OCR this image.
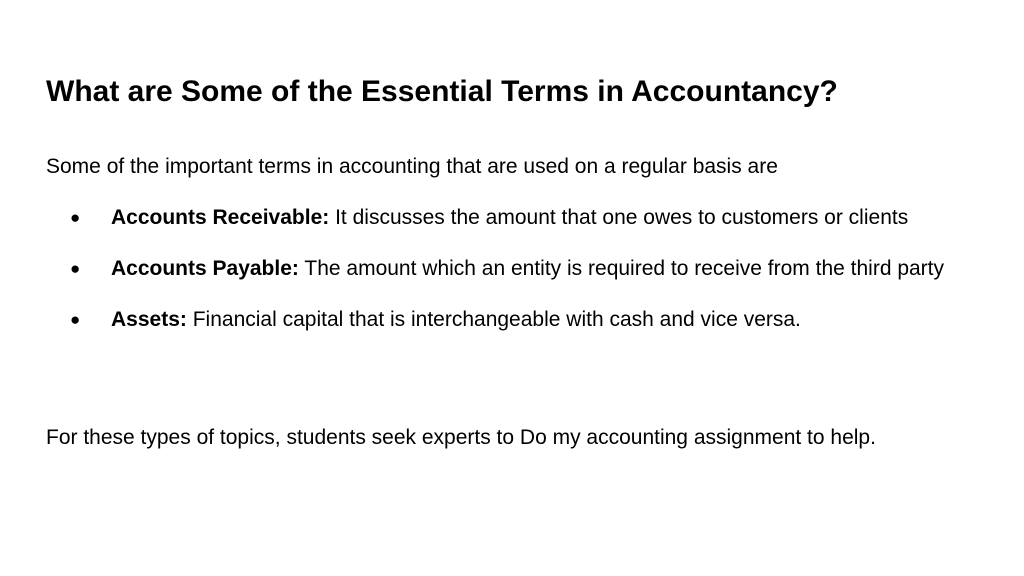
What are Some of the Essential Terms in Accountancy?

Some of the important terms in accounting that are used on a regular basis are

● Accounts Receivable: It discusses the amount that one owes to customers or clients
● Accounts Payable: The amount which an entity is required to receive from the third party
● Assets: Financial capital that is interchangeable with cash and vice versa.

For these types of topics, students seek experts to Do my accounting assignment to help.
